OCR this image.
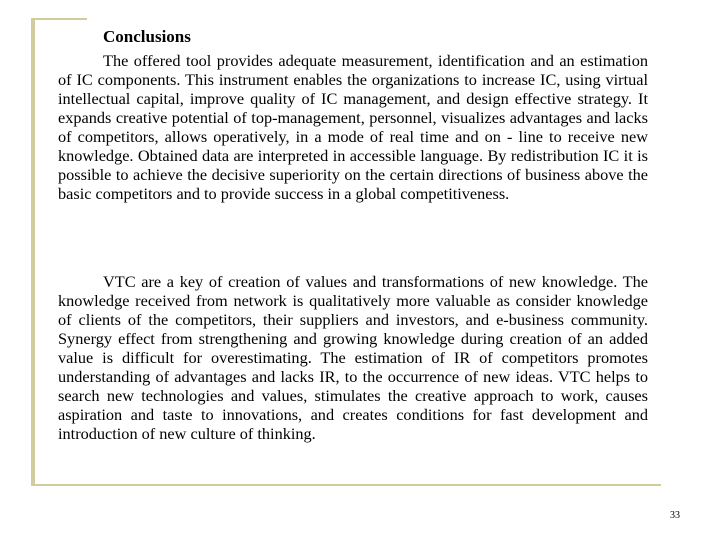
Conclusions

The offered tool provides adequate measurement, identification and an estimation of IC components. This instrument enables the organizations to increase IC, using virtual intellectual capital, improve quality of IC management, and design effective strategy. It expands creative potential of top-management, personnel, visualizes advantages and lacks of competitors, allows operatively, in a mode of real time and on - line to receive new knowledge. Obtained data are interpreted in accessible language. By redistribution IC it is possible to achieve the decisive superiority on the certain directions of business above the basic competitors and to provide success in a global competitiveness.

VTC are a key of creation of values and transformations of new knowledge. The knowledge received from network is qualitatively more valuable as consider knowledge of clients of the competitors, their suppliers and investors, and e-business community. Synergy effect from strengthening and growing knowledge during creation of an added value is difficult for overestimating. The estimation of IR of competitors promotes understanding of advantages and lacks IR, to the occurrence of new ideas. VTC helps to search new technologies and values, stimulates the creative approach to work, causes aspiration and taste to innovations, and creates conditions for fast development and introduction of new culture of thinking.

33
